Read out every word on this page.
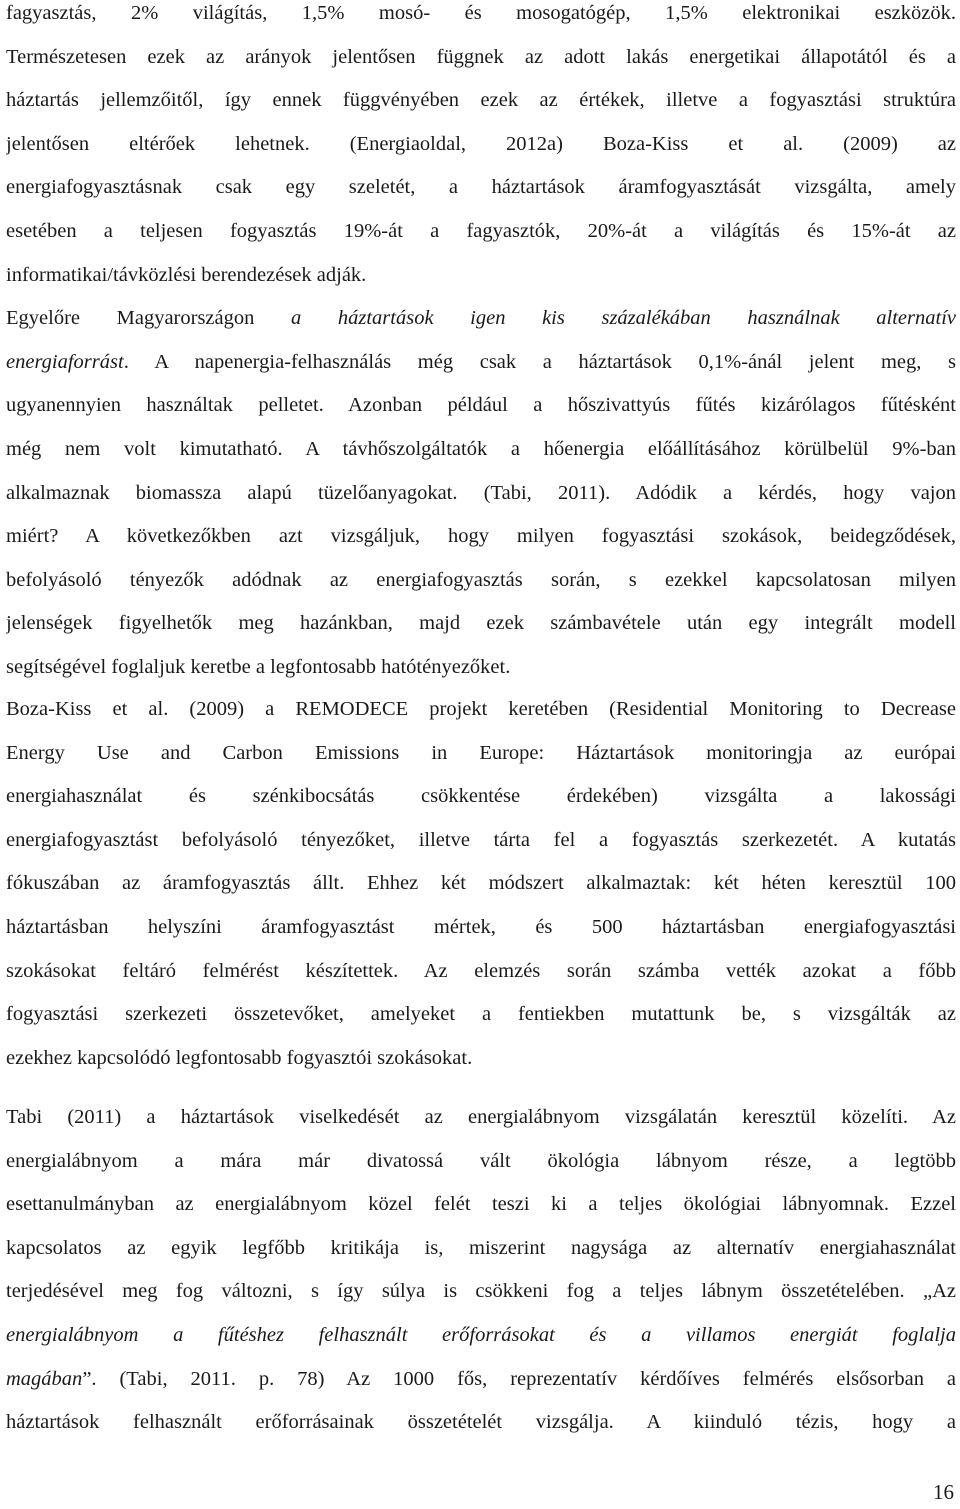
fagyasztás, 2% világítás, 1,5% mosó- és mosogatógép, 1,5% elektronikai eszközök.
Természetesen ezek az arányok jelentősen függnek az adott lakás energetikai állapotától és a
háztartás jellemzőitől, így ennek függvényében ezek az értékek, illetve a fogyasztási struktúra
jelentősen eltérőek lehetnek. (Energiaoldal, 2012a) Boza-Kiss et al. (2009) az
energiafogyasztásnak csak egy szeletét, a háztartások áramfogyasztását vizsgálta, amely
esetében a teljesen fogyasztás 19%-át a fagyasztók, 20%-át a világítás és 15%-át az
informatikai/távközlési berendezések adják.
Egyelőre Magyarországon a háztartások igen kis százalékában használnak alternatív
energiaforrást. A napenergia-felhasználás még csak a háztartások 0,1%-ánál jelent meg, s
ugyanennyien használtak pelletet. Azonban például a hőszivattyús fűtés kizárólagos fűtésként
még nem volt kimutatható. A távhőszolgáltatók a hőenergia előállításához körülbelül 9%-ban
alkalmaznak biomassza alapú tüzelőanyagokat. (Tabi, 2011). Adódik a kérdés, hogy vajon
miért? A következőkben azt vizsgáljuk, hogy milyen fogyasztási szokások, beidegződések,
befolyásoló tényezők adódnak az energiafogyasztás során, s ezekkel kapcsolatosan milyen
jelenségek figyelhetők meg hazánkban, majd ezek számbavétele után egy integrált modell
segítségével foglaljuk keretbe a legfontosabb hatótényezőket.
Boza-Kiss et al. (2009) a REMODECE projekt keretében (Residential Monitoring to Decrease
Energy Use and Carbon Emissions in Europe: Háztartások monitoringja az európai
energiahasználat és szénkibocsátás csökkentése érdekében) vizsgálta a lakossági
energiafogyasztást befolyásoló tényezőket, illetve tárta fel a fogyasztás szerkezetét. A kutatás
fókuszában az áramfogyasztás állt. Ehhez két módszert alkalmaztak: két héten keresztül 100
háztartásban helyszíni áramfogyasztást mértek, és 500 háztartásban energiafogyasztási
szokásokat feltáró felmérést készítettek. Az elemzés során számba vették azokat a főbb
fogyasztási szerkezeti összetevőket, amelyeket a fentiekben mutattunk be, s vizsgálták az
ezekhez kapcsolódó legfontosabb fogyasztói szokásokat.
Tabi (2011) a háztartások viselkedését az energialábnyom vizsgálatán keresztül közelíti. Az
energialábnyom a mára már divatossá vált ökológia lábnyom része, a legtöbb
esettanulmányban az energialábnyom közel felét teszi ki a teljes ökológiai lábnyomnak. Ezzel
kapcsolatos az egyik legfőbb kritikája is, miszerint nagysága az alternatív energiahasználat
terjedésével meg fog változni, s így súlya is csökkeni fog a teljes lábnym összetételében. „Az
energialábnyom a fűtéshez felhasznált erőforrásokat és a villamos energiát foglalja
magában”. (Tabi, 2011. p. 78) Az 1000 fős, reprezentatív kérdőíves felmérés elsősorban a
háztartások felhasznált erőforrásainak összetételét vizsgálja. A kiinduló tézis, hogy a
16
